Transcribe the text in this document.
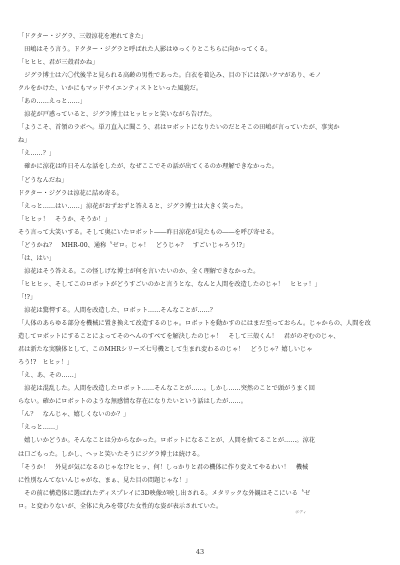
「ドクター・ジグラ、三殻涼花を連れてきた」
　田嶋はそう言う。ドクター・ジグラと呼ばれた人影はゆっくりとこちらに向かってくる。
「ヒヒヒ、君が三殻君かね」
　ジグラ博士は六〇代後半と見られる高齢の男性であった。白衣を着込み、目の下には深いクマがあり、モノ
クルをかけた、いかにもマッドサイエンティストといった風貌だ。
「あの……えっと……」
　涼花が戸惑っていると、ジグラ博士はヒッヒッと笑いながら告げた。
「ようこそ、首領のラボへ。単刀直入に聞こう、君はロボットになりたいのだとそこの田嶋が言っていたが、事実か
ね」
「え……？」
　確かに涼花は昨日そんな話をしたが、なぜここでその話が出てくるのか理解できなかった。
「どうなんだね」
ドクター・ジグラは涼花に詰め寄る。
「えっと……はい……」涼花がおずおずと答えると、ジグラ博士は大きく笑った。
「ヒヒッ！　そうか、そうか！」
そう言って大笑いする。そして奥にいたロボット――昨日涼花が見たもの――を呼び寄せる。
「どうかね？　MHR-00、通称〝ゼロ〟じゃ！　どうじゃ？　すごいじゃろう!?」
「は、はい」
　涼花はそう答える。この怪しげな博士が何を言いたいのか、全く理解できなかった。
「ヒヒヒッ、そしてこのロボットがどうすごいのかと言うとな、なんと人間を改造したのじゃ！　ヒヒッ！」
「!?」
　涼花は驚愕する。人間を改造した、ロボット……そんなことが……？
「人体のあらゆる部分を機械に置き換えて改造するのじゃ。ロボットを動かすのにはまだ至っておらん。じゃからの、人間を改
造してロボットにすることによってそのへんのすべてを解決したのじゃ！　そして三殻くん！　君がのぞむのじゃ、
君は新たな実験体として、このMHRシリーズ七号機として生まれ変わるのじゃ！　どうじゃ？嬉しいじゃ
ろう!?　ヒヒッ！」
「え、あ、その……」
　涼花は混乱した。人間を改造したロボット……そんなことが……。しかし……突然のことで頭がうまく回
らない。確かにロボットのような無感情な存在になりたいという話はしたが……。
「ん？　なんじゃ、嬉しくないのか？」
「えっと……」
　嬉しいかどうか。そんなことは分からなかった。ロボットになることが、人間を捨てることが……。涼花
は口ごもった。しかし、ヘッと笑いたそうにジグラ博士は続ける。
「そうか！　外見が気になるのじゃな!?ヒヒッ、何！しっかりと君の機体に作り変えてやるわい！　機械
に性別なんてないんじゃがな、まぁ、見た目の問題じゃな！」
　その前に構造体に選ばれたディスプレイに3D映像が映し出される。メタリックな外観はそこにいる〝ゼ
ロ〟と変わりないが、全体に丸みを帯びた女性的な姿が表示されていた。
ボディ
43
